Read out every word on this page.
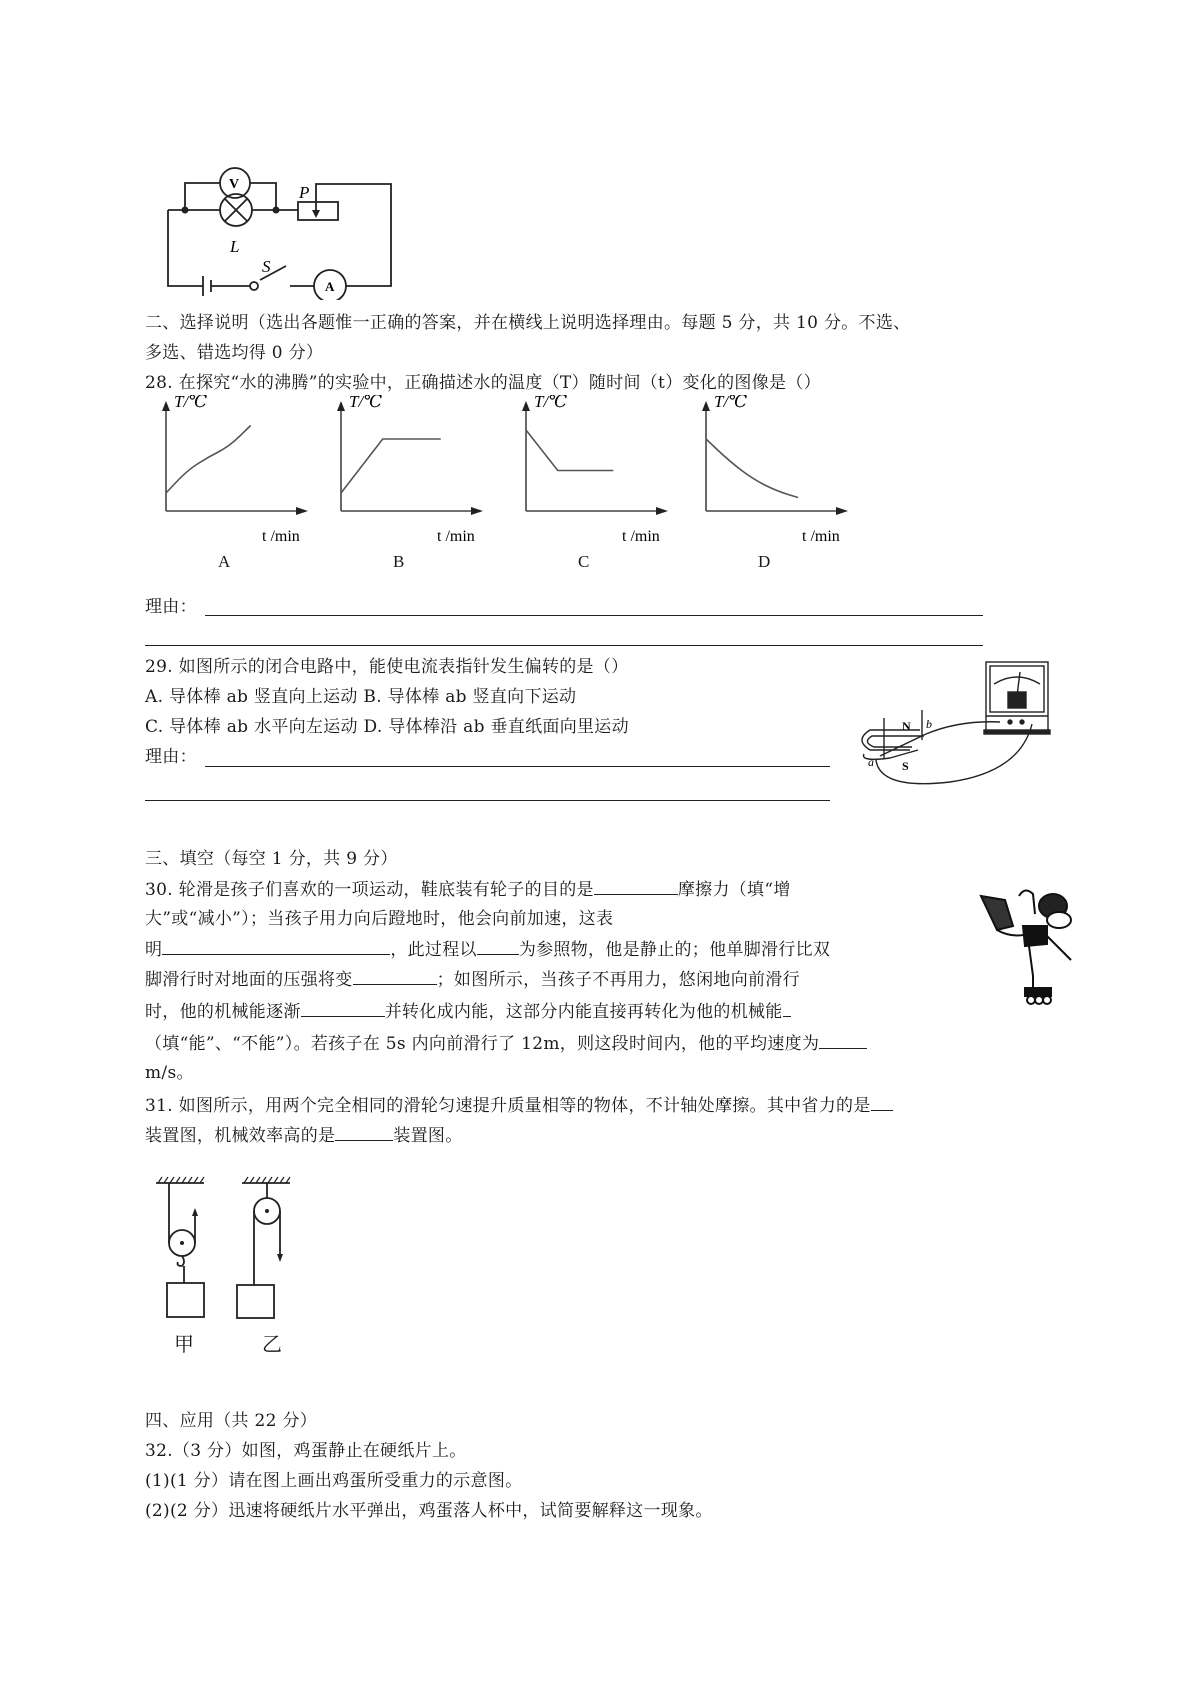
V
L
P
S
A
二、选择说明（选出各题惟一正确的答案，并在横线上说明选择理由。每题 5 分，共 10 分。不选、
多选、错选均得 0 分）
28. 在探究“水的沸腾”的实验中，正确描述水的温度（T）随时间（t）变化的图像是（）
T/℃
t /min
A
T/℃
t /min
B
T/℃
t /min
C
T/℃
t /min
D
理由：
29. 如图所示的闭合电路中，能使电流表指针发生偏转的是（）
A. 导体棒 ab 竖直向上运动 B. 导体棒 ab 竖直向下运动
C. 导体棒 ab 水平向左运动 D. 导体棒沿 ab 垂直纸面向里运动
理由：
N
S
a
b
三、填空（每空 1 分，共 9 分）
30. 轮滑是孩子们喜欢的一项运动，鞋底装有轮子的目的是	摩擦力（填“增
大”或“减小”）；当孩子用力向后蹬地时，他会向前加速，这表
明	，此过程以 为参照物，他是静止的；他单脚滑行比双
脚滑行时对地面的压强将变	；如图所示，当孩子不再用力，悠闲地向前滑行
时，他的机械能逐渐	并转化成内能，这部分内能直接再转化为他的机械能
（填“能”、“不能”）。若孩子在 5s 内向前滑行了 12m，则这段时间内，他的平均速度为
m/s。
31. 如图所示，用两个完全相同的滑轮匀速提升质量相等的物体，不计轴处摩擦。其中省力的是
装置图，机械效率高的是	装置图。
甲	乙
四、应用（共 22 分）
32.（3 分）如图，鸡蛋静止在硬纸片上。
(1)(1 分）请在图上画出鸡蛋所受重力的示意图。
(2)(2 分）迅速将硬纸片水平弹出，鸡蛋落人杯中，试简要解释这一现象。
